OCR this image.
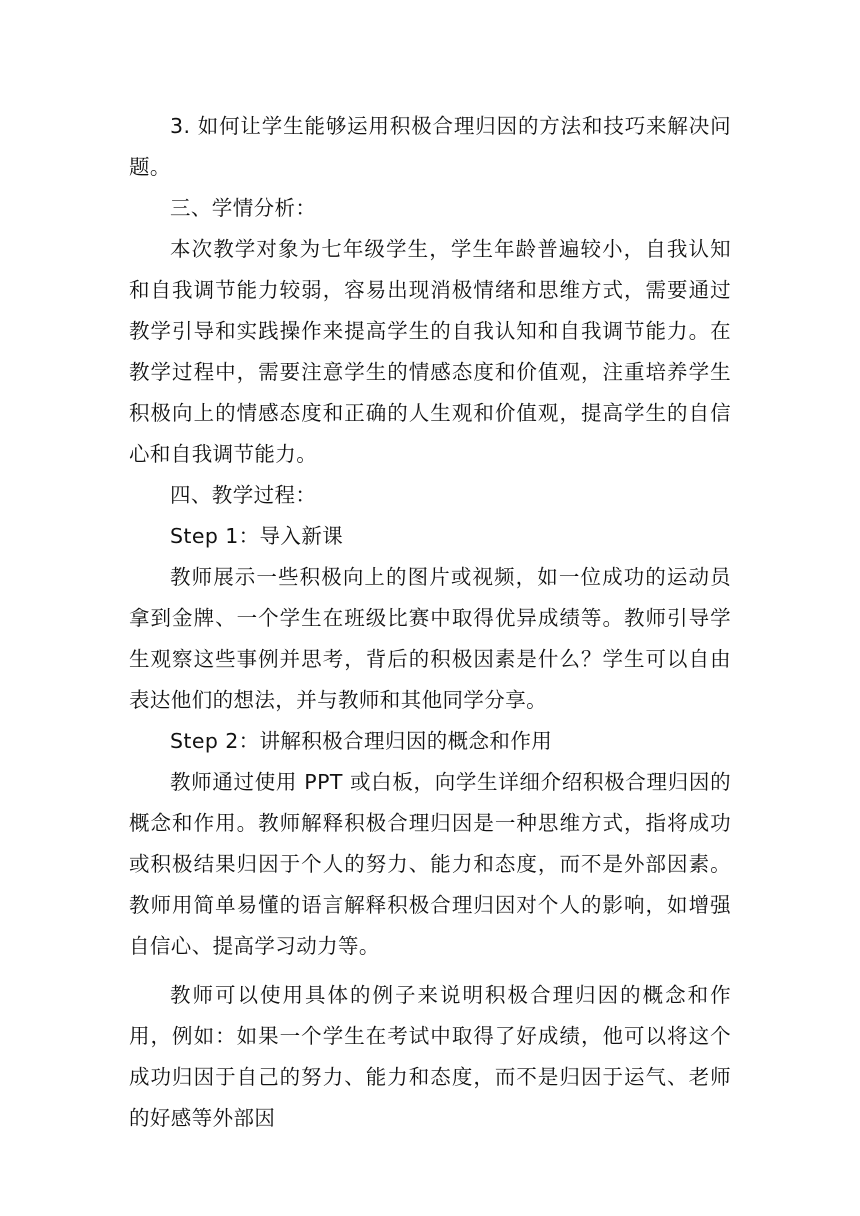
3. 如何让学生能够运用积极合理归因的方法和技巧来解决问题。

三、学情分析：

本次教学对象为七年级学生，学生年龄普遍较小，自我认知和自我调节能力较弱，容易出现消极情绪和思维方式，需要通过教学引导和实践操作来提高学生的自我认知和自我调节能力。在教学过程中，需要注意学生的情感态度和价值观，注重培养学生积极向上的情感态度和正确的人生观和价值观，提高学生的自信心和自我调节能力。

四、教学过程：

Step 1：导入新课

教师展示一些积极向上的图片或视频，如一位成功的运动员拿到金牌、一个学生在班级比赛中取得优异成绩等。教师引导学生观察这些事例并思考，背后的积极因素是什么？学生可以自由表达他们的想法，并与教师和其他同学分享。

Step 2：讲解积极合理归因的概念和作用

教师通过使用 PPT 或白板，向学生详细介绍积极合理归因的概念和作用。教师解释积极合理归因是一种思维方式，指将成功或积极结果归因于个人的努力、能力和态度，而不是外部因素。教师用简单易懂的语言解释积极合理归因对个人的影响，如增强自信心、提高学习动力等。

教师可以使用具体的例子来说明积极合理归因的概念和作用，例如：如果一个学生在考试中取得了好成绩，他可以将这个成功归因于自己的努力、能力和态度，而不是归因于运气、老师的好感等外部因
